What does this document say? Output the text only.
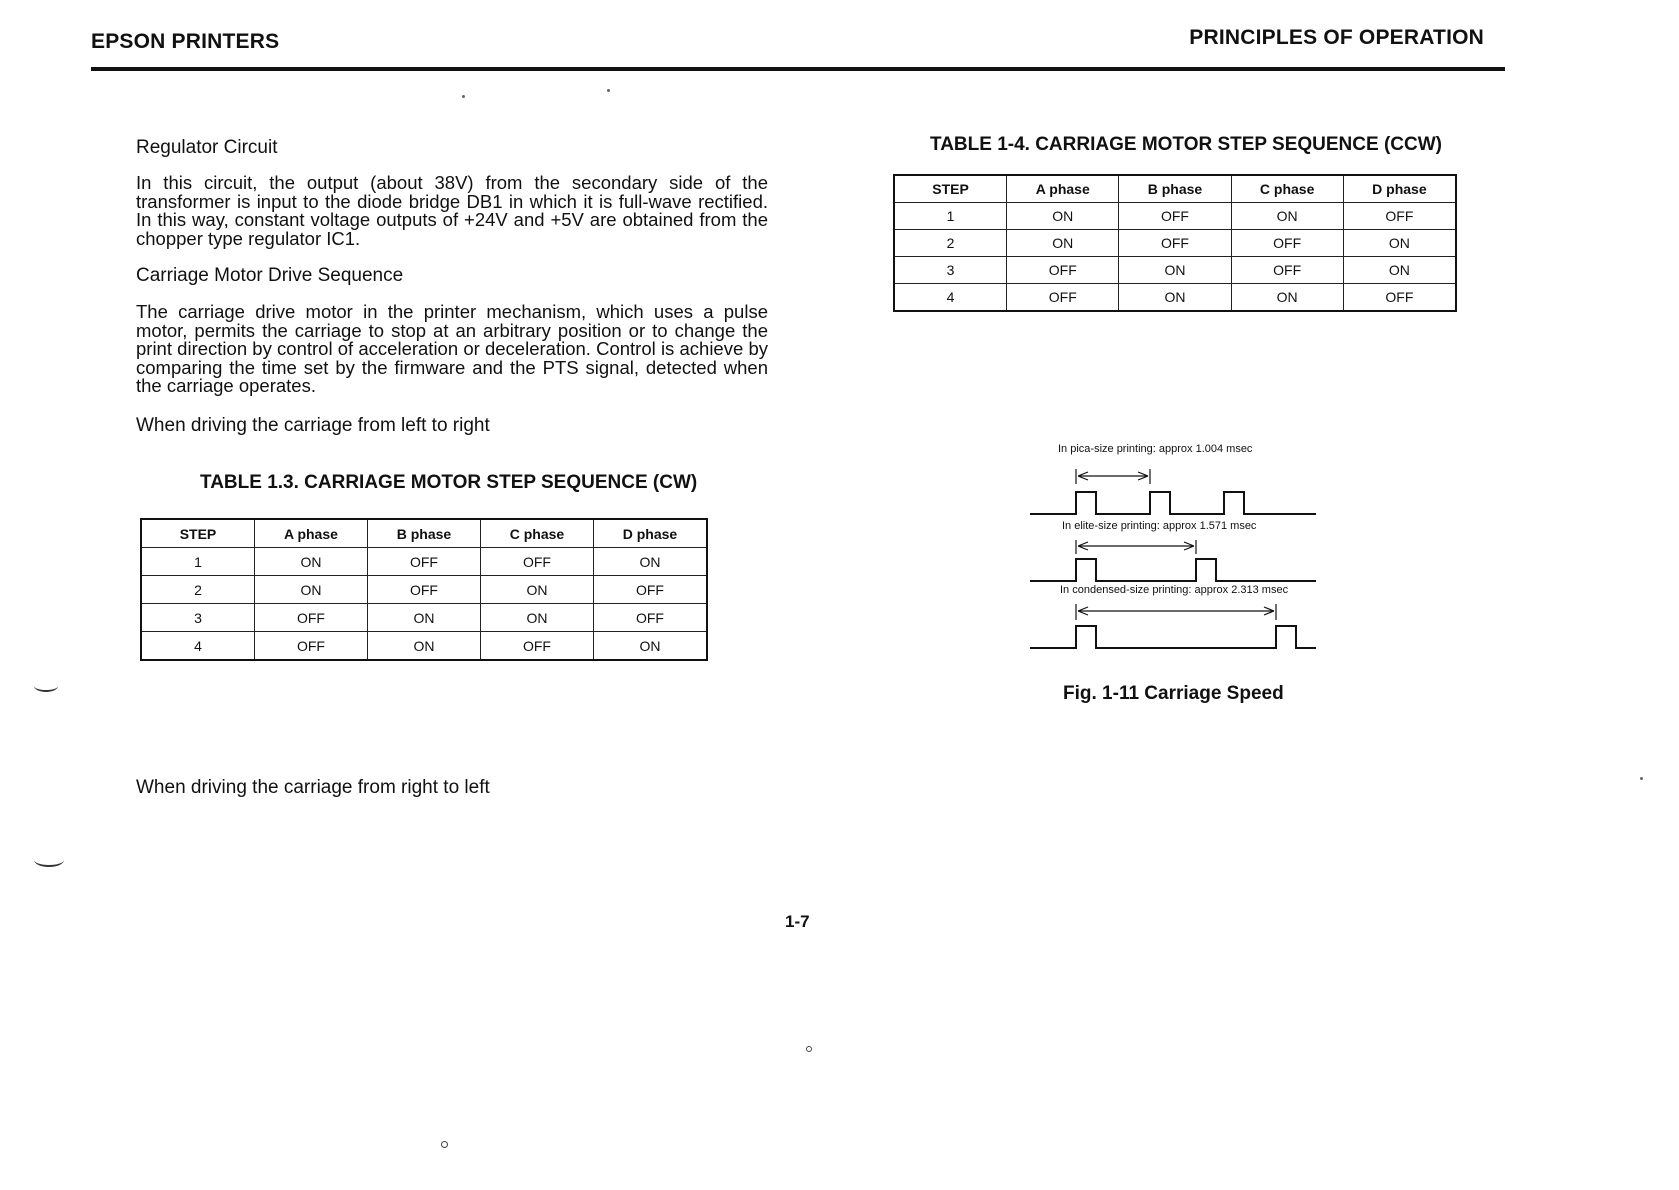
EPSON PRINTERS	PRINCIPLES OF OPERATION
Regulator Circuit
In this circuit, the output (about 38V) from the secondary side of the transformer is input to the diode bridge DB1 in which it is full-wave rectified. In this way, constant voltage outputs of +24V and +5V are obtained from the chopper type regulator IC1.
Carriage Motor Drive Sequence
The carriage drive motor in the printer mechanism, which uses a pulse motor, permits the carriage to stop at an arbitrary position or to change the print direction by control of acceleration or deceleration. Control is achieve by comparing the time set by the firmware and the PTS signal, detected when the carriage operates.
When driving the carriage from left to right
TABLE 1.3. CARRIAGE MOTOR STEP SEQUENCE (CW)
STEP	A phase	B phase	C phase	D phase
1	ON	OFF	OFF	ON
2	ON	OFF	ON	OFF
3	OFF	ON	ON	OFF
4	OFF	ON	OFF	ON
When driving the carriage from right to left
TABLE 1-4. CARRIAGE MOTOR STEP SEQUENCE (CCW)
STEP	A phase	B phase	C phase	D phase
1	ON	OFF	ON	OFF
2	ON	OFF	OFF	ON
3	OFF	ON	OFF	ON
4	OFF	ON	ON	OFF
In pica-size printing: approx 1.004 msec
In elite-size printing: approx 1.571 msec
In condensed-size printing: approx 2.313 msec
Fig. 1-11 Carriage Speed
1-7
